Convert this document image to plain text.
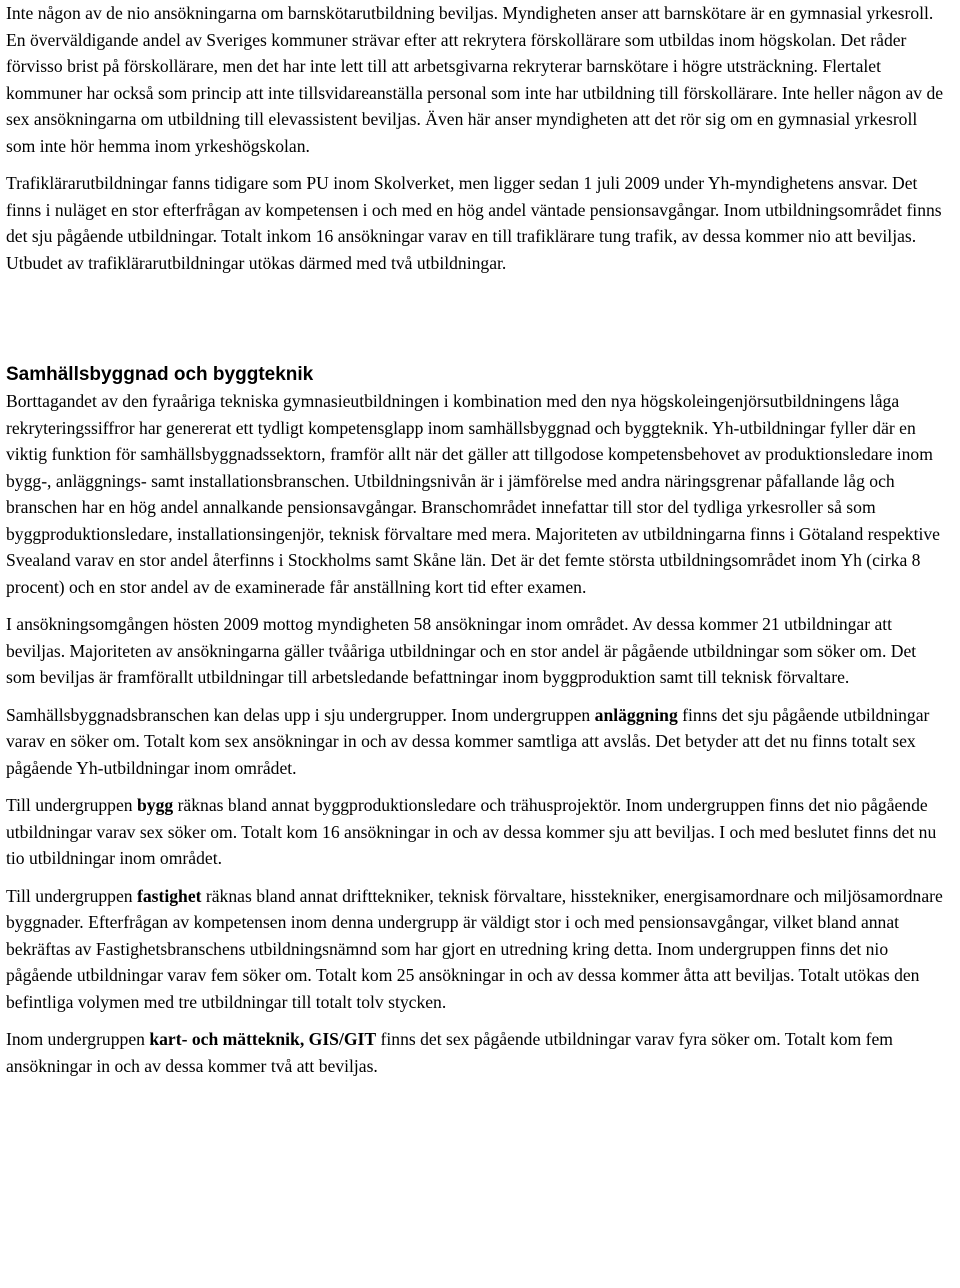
Inte någon av de nio ansökningarna om barnskötarutbildning beviljas. Myndigheten anser att barnskötare är en gymnasial yrkesroll. En överväldigande andel av Sveriges kommuner strävar efter att rekrytera förskollärare som utbildas inom högskolan. Det råder förvisso brist på förskollärare, men det har inte lett till att arbetsgivarna rekryterar barnskötare i högre utsträckning. Flertalet kommuner har också som princip att inte tillsvidareanställa personal som inte har utbildning till förskollärare. Inte heller någon av de sex ansökningarna om utbildning till elevassistent beviljas. Även här anser myndigheten att det rör sig om en gymnasial yrkesroll som inte hör hemma inom yrkeshögskolan.

Trafiklärarutbildningar fanns tidigare som PU inom Skolverket, men ligger sedan 1 juli 2009 under Yh-myndighetens ansvar. Det finns i nuläget en stor efterfrågan av kompetensen i och med en hög andel väntade pensionsavgångar. Inom utbildningsområdet finns det sju pågående utbildningar. Totalt inkom 16 ansökningar varav en till trafiklärare tung trafik, av dessa kommer nio att beviljas. Utbudet av trafiklärarutbildningar utökas därmed med två utbildningar.

Samhällsbyggnad och byggteknik

Borttagandet av den fyraåriga tekniska gymnasieutbildningen i kombination med den nya högskoleingenjörsutbildningens låga rekryteringssiffror har genererat ett tydligt kompetensglapp inom samhällsbyggnad och byggteknik. Yh-utbildningar fyller där en viktig funktion för samhällsbyggnadssektorn, framför allt när det gäller att tillgodose kompetensbehovet av produktionsledare inom bygg-, anläggnings- samt installationsbranschen. Utbildningsnivån är i jämförelse med andra näringsgrenar påfallande låg och branschen har en hög andel annalkande pensionsavgångar. Branschområdet innefattar till stor del tydliga yrkesroller så som byggproduktionsledare, installationsingenjör, teknisk förvaltare med mera. Majoriteten av utbildningarna finns i Götaland respektive Svealand varav en stor andel återfinns i Stockholms samt Skåne län. Det är det femte största utbildningsområdet inom Yh (cirka 8 procent) och en stor andel av de examinerade får anställning kort tid efter examen.

I ansökningsomgången hösten 2009 mottog myndigheten 58 ansökningar inom området. Av dessa kommer 21 utbildningar att beviljas. Majoriteten av ansökningarna gäller tvååriga utbildningar och en stor andel är pågående utbildningar som söker om. Det som beviljas är framförallt utbildningar till arbetsledande befattningar inom byggproduktion samt till teknisk förvaltare.

Samhällsbyggnadsbranschen kan delas upp i sju undergrupper. Inom undergruppen anläggning finns det sju pågående utbildningar varav en söker om. Totalt kom sex ansökningar in och av dessa kommer samtliga att avslås. Det betyder att det nu finns totalt sex pågående Yh-utbildningar inom området.

Till undergruppen bygg räknas bland annat byggproduktionsledare och trähusprojektör. Inom undergruppen finns det nio pågående utbildningar varav sex söker om. Totalt kom 16 ansökningar in och av dessa kommer sju att beviljas. I och med beslutet finns det nu tio utbildningar inom området.

Till undergruppen fastighet räknas bland annat drifttekniker, teknisk förvaltare, hisstekniker, energisamordnare och miljösamordnare byggnader. Efterfrågan av kompetensen inom denna undergrupp är väldigt stor i och med pensionsavgångar, vilket bland annat bekräftas av Fastighetsbranschens utbildningsnämnd som har gjort en utredning kring detta. Inom undergruppen finns det nio pågående utbildningar varav fem söker om. Totalt kom 25 ansökningar in och av dessa kommer åtta att beviljas. Totalt utökas den befintliga volymen med tre utbildningar till totalt tolv stycken.

Inom undergruppen kart- och mätteknik, GIS/GIT finns det sex pågående utbildningar varav fyra söker om. Totalt kom fem ansökningar in och av dessa kommer två att beviljas.
